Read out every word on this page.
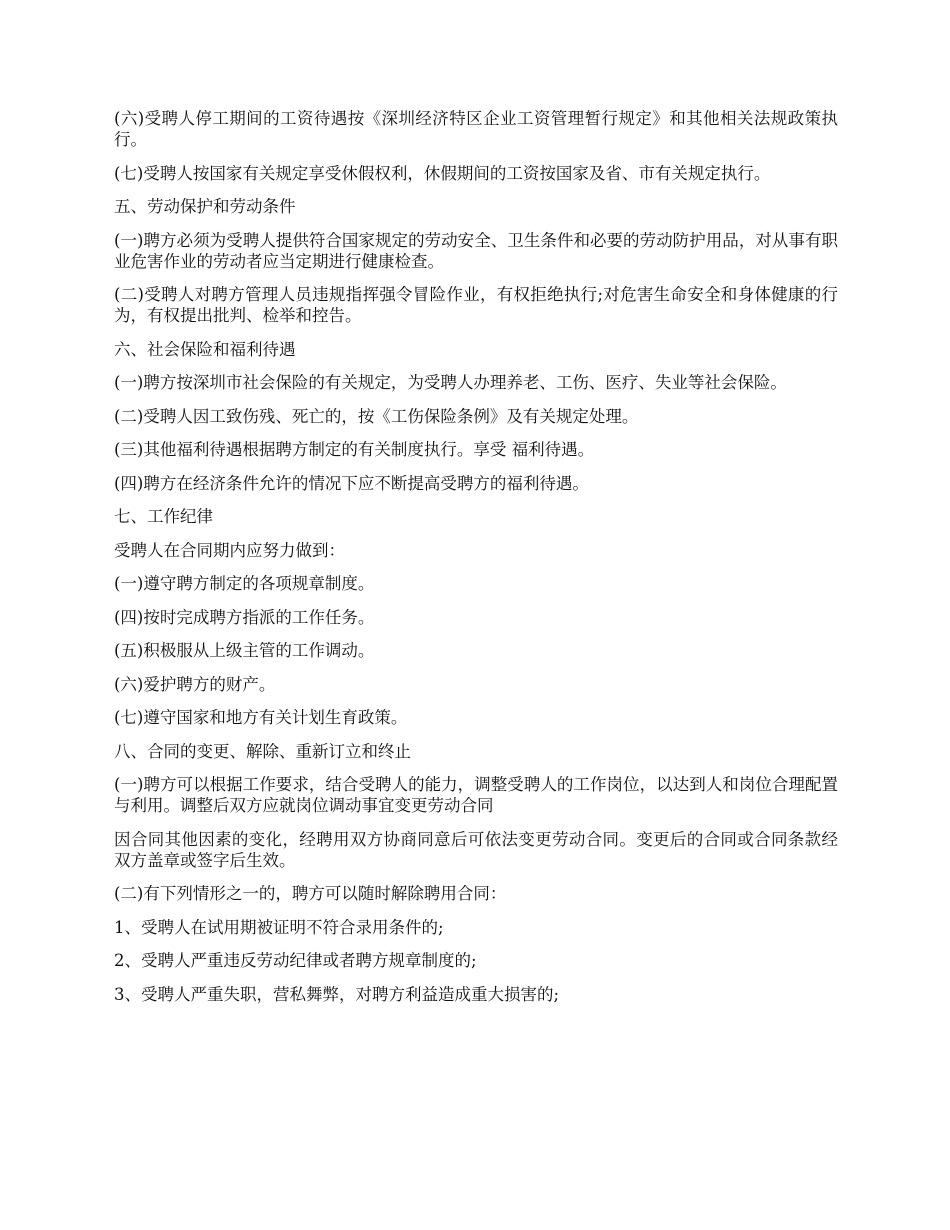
(六)受聘人停工期间的工资待遇按《深圳经济特区企业工资管理暂行规定》和其他相关法规政策执行。

(七)受聘人按国家有关规定享受休假权利，休假期间的工资按国家及省、市有关规定执行。

五、劳动保护和劳动条件

(一)聘方必须为受聘人提供符合国家规定的劳动安全、卫生条件和必要的劳动防护用品，对从事有职业危害作业的劳动者应当定期进行健康检查。

(二)受聘人对聘方管理人员违规指挥强令冒险作业，有权拒绝执行;对危害生命安全和身体健康的行为，有权提出批判、检举和控告。

六、社会保险和福利待遇

(一)聘方按深圳市社会保险的有关规定，为受聘人办理养老、工伤、医疗、失业等社会保险。

(二)受聘人因工致伤残、死亡的，按《工伤保险条例》及有关规定处理。

(三)其他福利待遇根据聘方制定的有关制度执行。享受 福利待遇。

(四)聘方在经济条件允许的情况下应不断提高受聘方的福利待遇。

七、工作纪律

受聘人在合同期内应努力做到：

(一)遵守聘方制定的各项规章制度。

(四)按时完成聘方指派的工作任务。

(五)积极服从上级主管的工作调动。

(六)爱护聘方的财产。

(七)遵守国家和地方有关计划生育政策。

八、合同的变更、解除、重新订立和终止

(一)聘方可以根据工作要求，结合受聘人的能力，调整受聘人的工作岗位，以达到人和岗位合理配置与利用。调整后双方应就岗位调动事宜变更劳动合同

因合同其他因素的变化，经聘用双方协商同意后可依法变更劳动合同。变更后的合同或合同条款经双方盖章或签字后生效。

(二)有下列情形之一的，聘方可以随时解除聘用合同：

1、受聘人在试用期被证明不符合录用条件的;

2、受聘人严重违反劳动纪律或者聘方规章制度的;

3、受聘人严重失职，营私舞弊，对聘方利益造成重大损害的;
